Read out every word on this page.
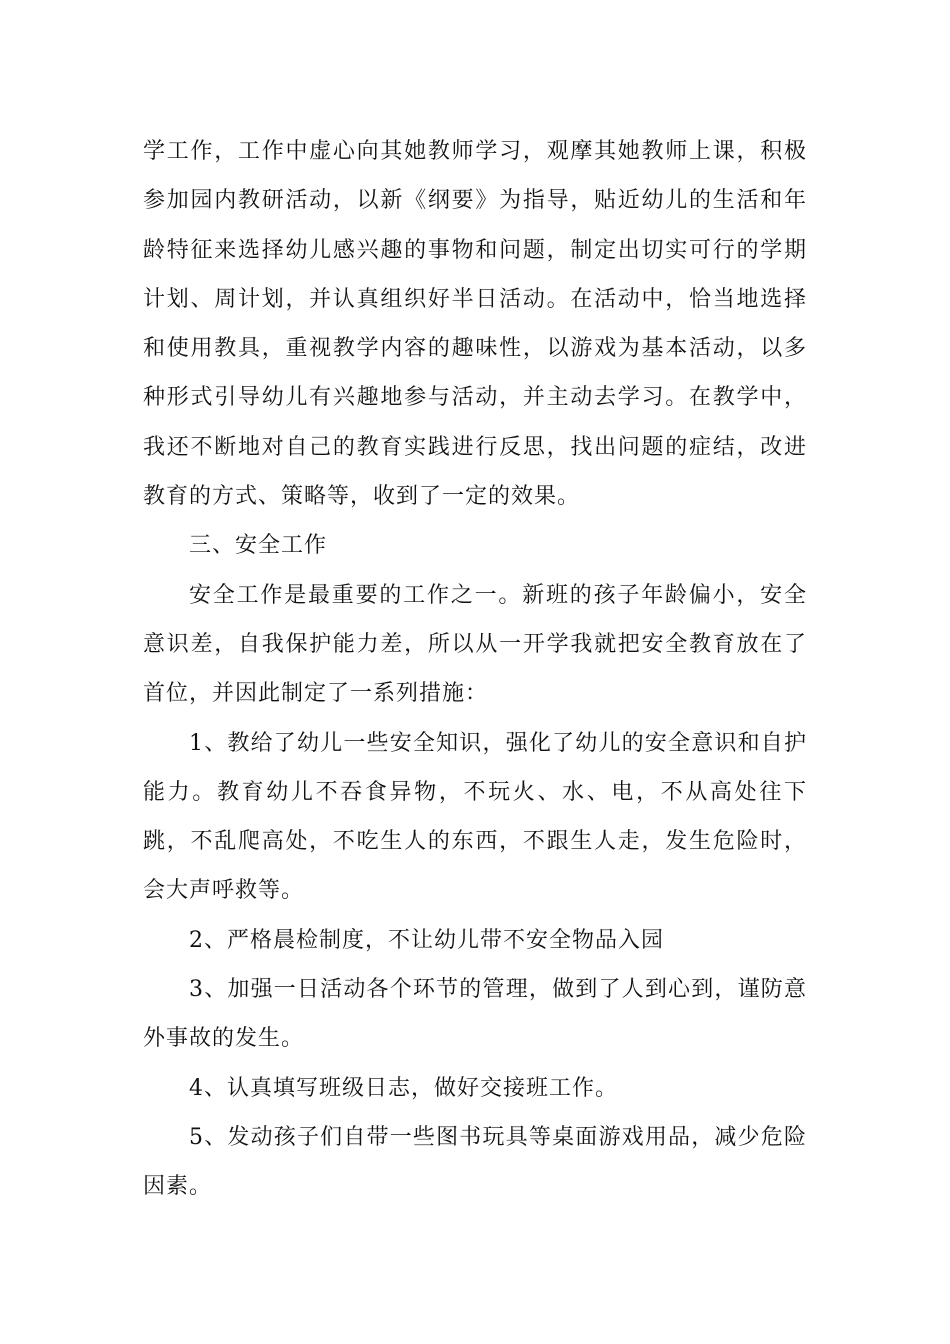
学工作，工作中虚心向其她教师学习，观摩其她教师上课，积极参加园内教研活动，以新《纲要》为指导，贴近幼儿的生活和年龄特征来选择幼儿感兴趣的事物和问题，制定出切实可行的学期计划、周计划，并认真组织好半日活动。在活动中，恰当地选择和使用教具，重视教学内容的趣味性，以游戏为基本活动，以多种形式引导幼儿有兴趣地参与活动，并主动去学习。在教学中，我还不断地对自己的教育实践进行反思，找出问题的症结，改进教育的方式、策略等，收到了一定的效果。

三、安全工作

安全工作是最重要的工作之一。新班的孩子年龄偏小，安全意识差，自我保护能力差，所以从一开学我就把安全教育放在了首位，并因此制定了一系列措施：

1、教给了幼儿一些安全知识，强化了幼儿的安全意识和自护能力。教育幼儿不吞食异物，不玩火、水、电，不从高处往下跳，不乱爬高处，不吃生人的东西，不跟生人走，发生危险时，会大声呼救等。

2、严格晨检制度，不让幼儿带不安全物品入园

3、加强一日活动各个环节的管理，做到了人到心到，谨防意外事故的发生。

4、认真填写班级日志，做好交接班工作。

5、发动孩子们自带一些图书玩具等桌面游戏用品，减少危险因素。
